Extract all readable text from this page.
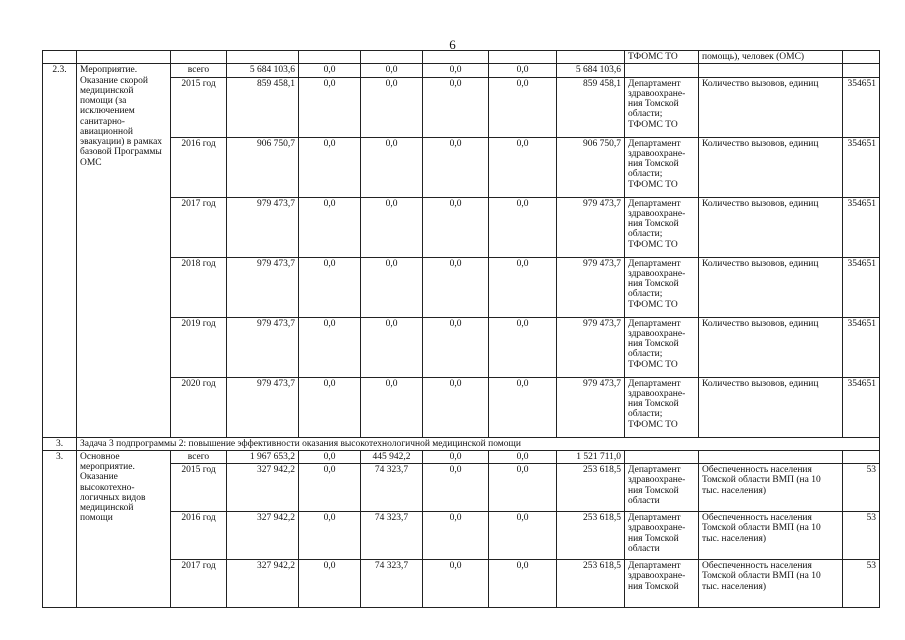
6
									ТФОМС ТО	помощь), человек (ОМС)	
2.3.	Мероприятие. Оказание скорой медицинской помощи (за исключением санитарно-авиационной эвакуации) в рамках базовой Программы ОМС	всего	5 684 103,6	0,0	0,0	0,0	0,0	5 684 103,6			
		2015 год	859 458,1	0,0	0,0	0,0	0,0	859 458,1	Департамент здравоохране-ния Томской области; ТФОМС ТО	Количество вызовов, единиц	354651
		2016 год	906 750,7	0,0	0,0	0,0	0,0	906 750,7	Департамент здравоохране-ния Томской области; ТФОМС ТО	Количество вызовов, единиц	354651
		2017 год	979 473,7	0,0	0,0	0,0	0,0	979 473,7	Департамент здравоохране-ния Томской области; ТФОМС ТО	Количество вызовов, единиц	354651
		2018 год	979 473,7	0,0	0,0	0,0	0,0	979 473,7	Департамент здравоохране-ния Томской области; ТФОМС ТО	Количество вызовов, единиц	354651
		2019 год	979 473,7	0,0	0,0	0,0	0,0	979 473,7	Департамент здравоохране-ния Томской области; ТФОМС ТО	Количество вызовов, единиц	354651
		2020 год	979 473,7	0,0	0,0	0,0	0,0	979 473,7	Департамент здравоохране-ния Томской области; ТФОМС ТО	Количество вызовов, единиц	354651
3.	Задача 3 подпрограммы 2: повышение эффективности оказания высокотехнологичной медицинской помощи										
3.	Основное мероприятие. Оказание высокотехно-логичных видов медицинской помощи	всего	1 967 653,2	0,0	445 942,2	0,0	0,0	1 521 711,0			
		2015 год	327 942,2	0,0	74 323,7	0,0	0,0	253 618,5	Департамент здравоохране-ния Томской области	Обеспеченность населения Томской области ВМП (на 10 тыс. населения)	53
		2016 год	327 942,2	0,0	74 323,7	0,0	0,0	253 618,5	Департамент здравоохране-ния Томской области	Обеспеченность населения Томской области ВМП (на 10 тыс. населения)	53
		2017 год	327 942,2	0,0	74 323,7	0,0	0,0	253 618,5	Департамент здравоохране-ния Томской	Обеспеченность населения Томской области ВМП (на 10 тыс. населения)	53
